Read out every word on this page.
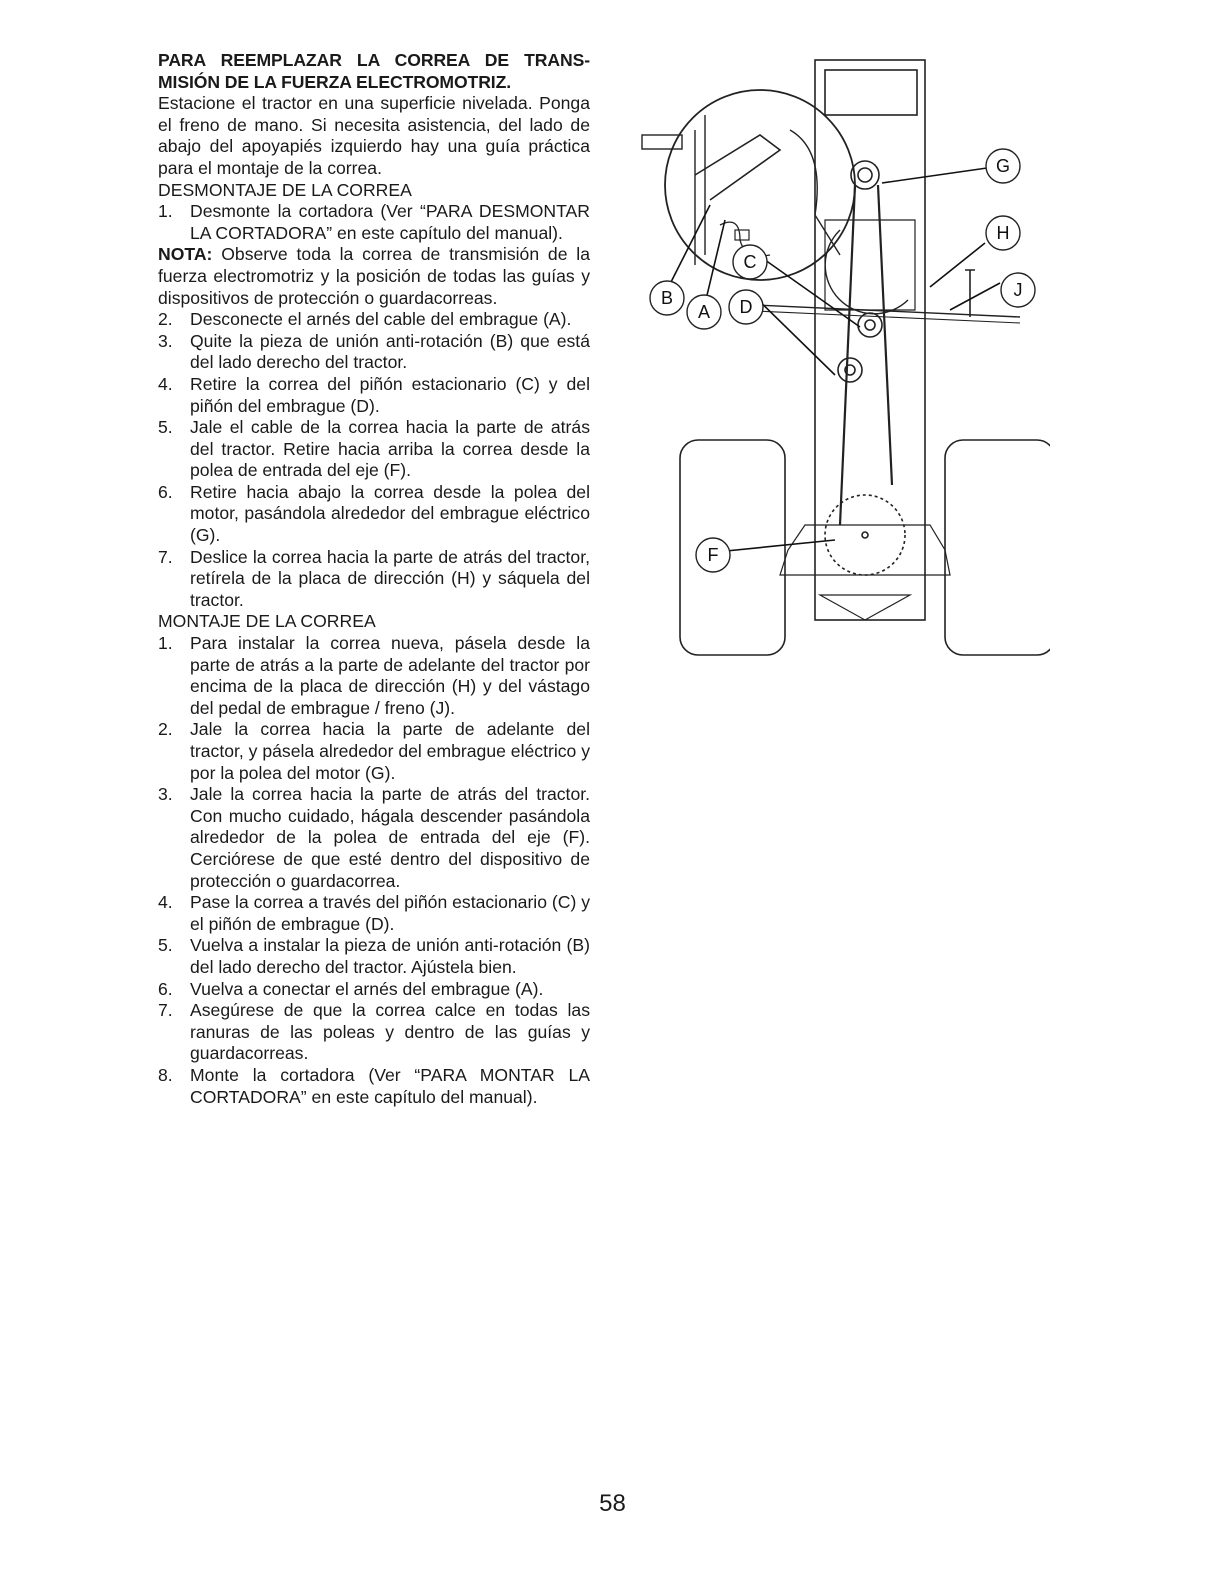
PARA REEMPLAZAR LA CORREA DE TRANS-MISIÓN DE LA FUERZA ELECTROMOTRIZ.

Estacione el tractor en una superficie nivelada. Ponga el freno de mano. Si necesita asistencia, del lado de abajo del apoyapiés izquierdo hay una guía práctica para el montaje de la correa.

DESMONTAJE DE LA CORREA

1. Desmonte la cortadora (Ver “PARA DESMONTAR LA CORTADORA” en este capítulo del manual).

NOTA: Observe toda la correa de transmisión de la fuerza electromotriz y la posición de todas las guías y dispositivos de protección o guardacorreas.

2. Desconecte el arnés del cable del embrague (A).
3. Quite la pieza de unión anti-rotación (B) que está del lado derecho del tractor.
4. Retire la correa del piñón estacionario (C) y del piñón del embrague (D).
5. Jale el cable de la correa hacia la parte de atrás del tractor. Retire hacia arriba la correa desde la polea de entrada del eje (F).
6. Retire hacia abajo la correa desde la polea del motor, pasándola alrededor del embrague eléctrico (G).
7. Deslice la correa hacia la parte de atrás del tractor, retírela de la placa de dirección (H) y sáquela del tractor.

MONTAJE DE LA CORREA

1. Para instalar la correa nueva, pásela desde la parte de atrás a la parte de adelante del tractor por encima de la placa de dirección (H) y del vástago del pedal de embrague / freno (J).
2. Jale la correa hacia la parte de adelante del tractor, y pásela alrededor del embrague eléctrico y por la polea del motor (G).
3. Jale la correa hacia la parte de atrás del tractor. Con mucho cuidado, hágala descender pasándola alrededor de la polea de entrada del eje (F). Cerciórese de que esté dentro del dispositivo de protección o guardacorrea.
4. Pase la correa a través del piñón estacionario (C) y el piñón de embrague (D).
5. Vuelva a instalar la pieza de unión anti-rotación (B) del lado derecho del tractor. Ajústela bien.
6. Vuelva a conectar el arnés del embrague (A).
7. Asegúrese de que la correa calce en todas las ranuras de las poleas y dentro de las guías y guardacorreas.
8. Monte la cortadora (Ver “PARA MONTAR LA CORTADORA” en este capítulo del manual).
G
H
B
A
C
J
D
F
58
